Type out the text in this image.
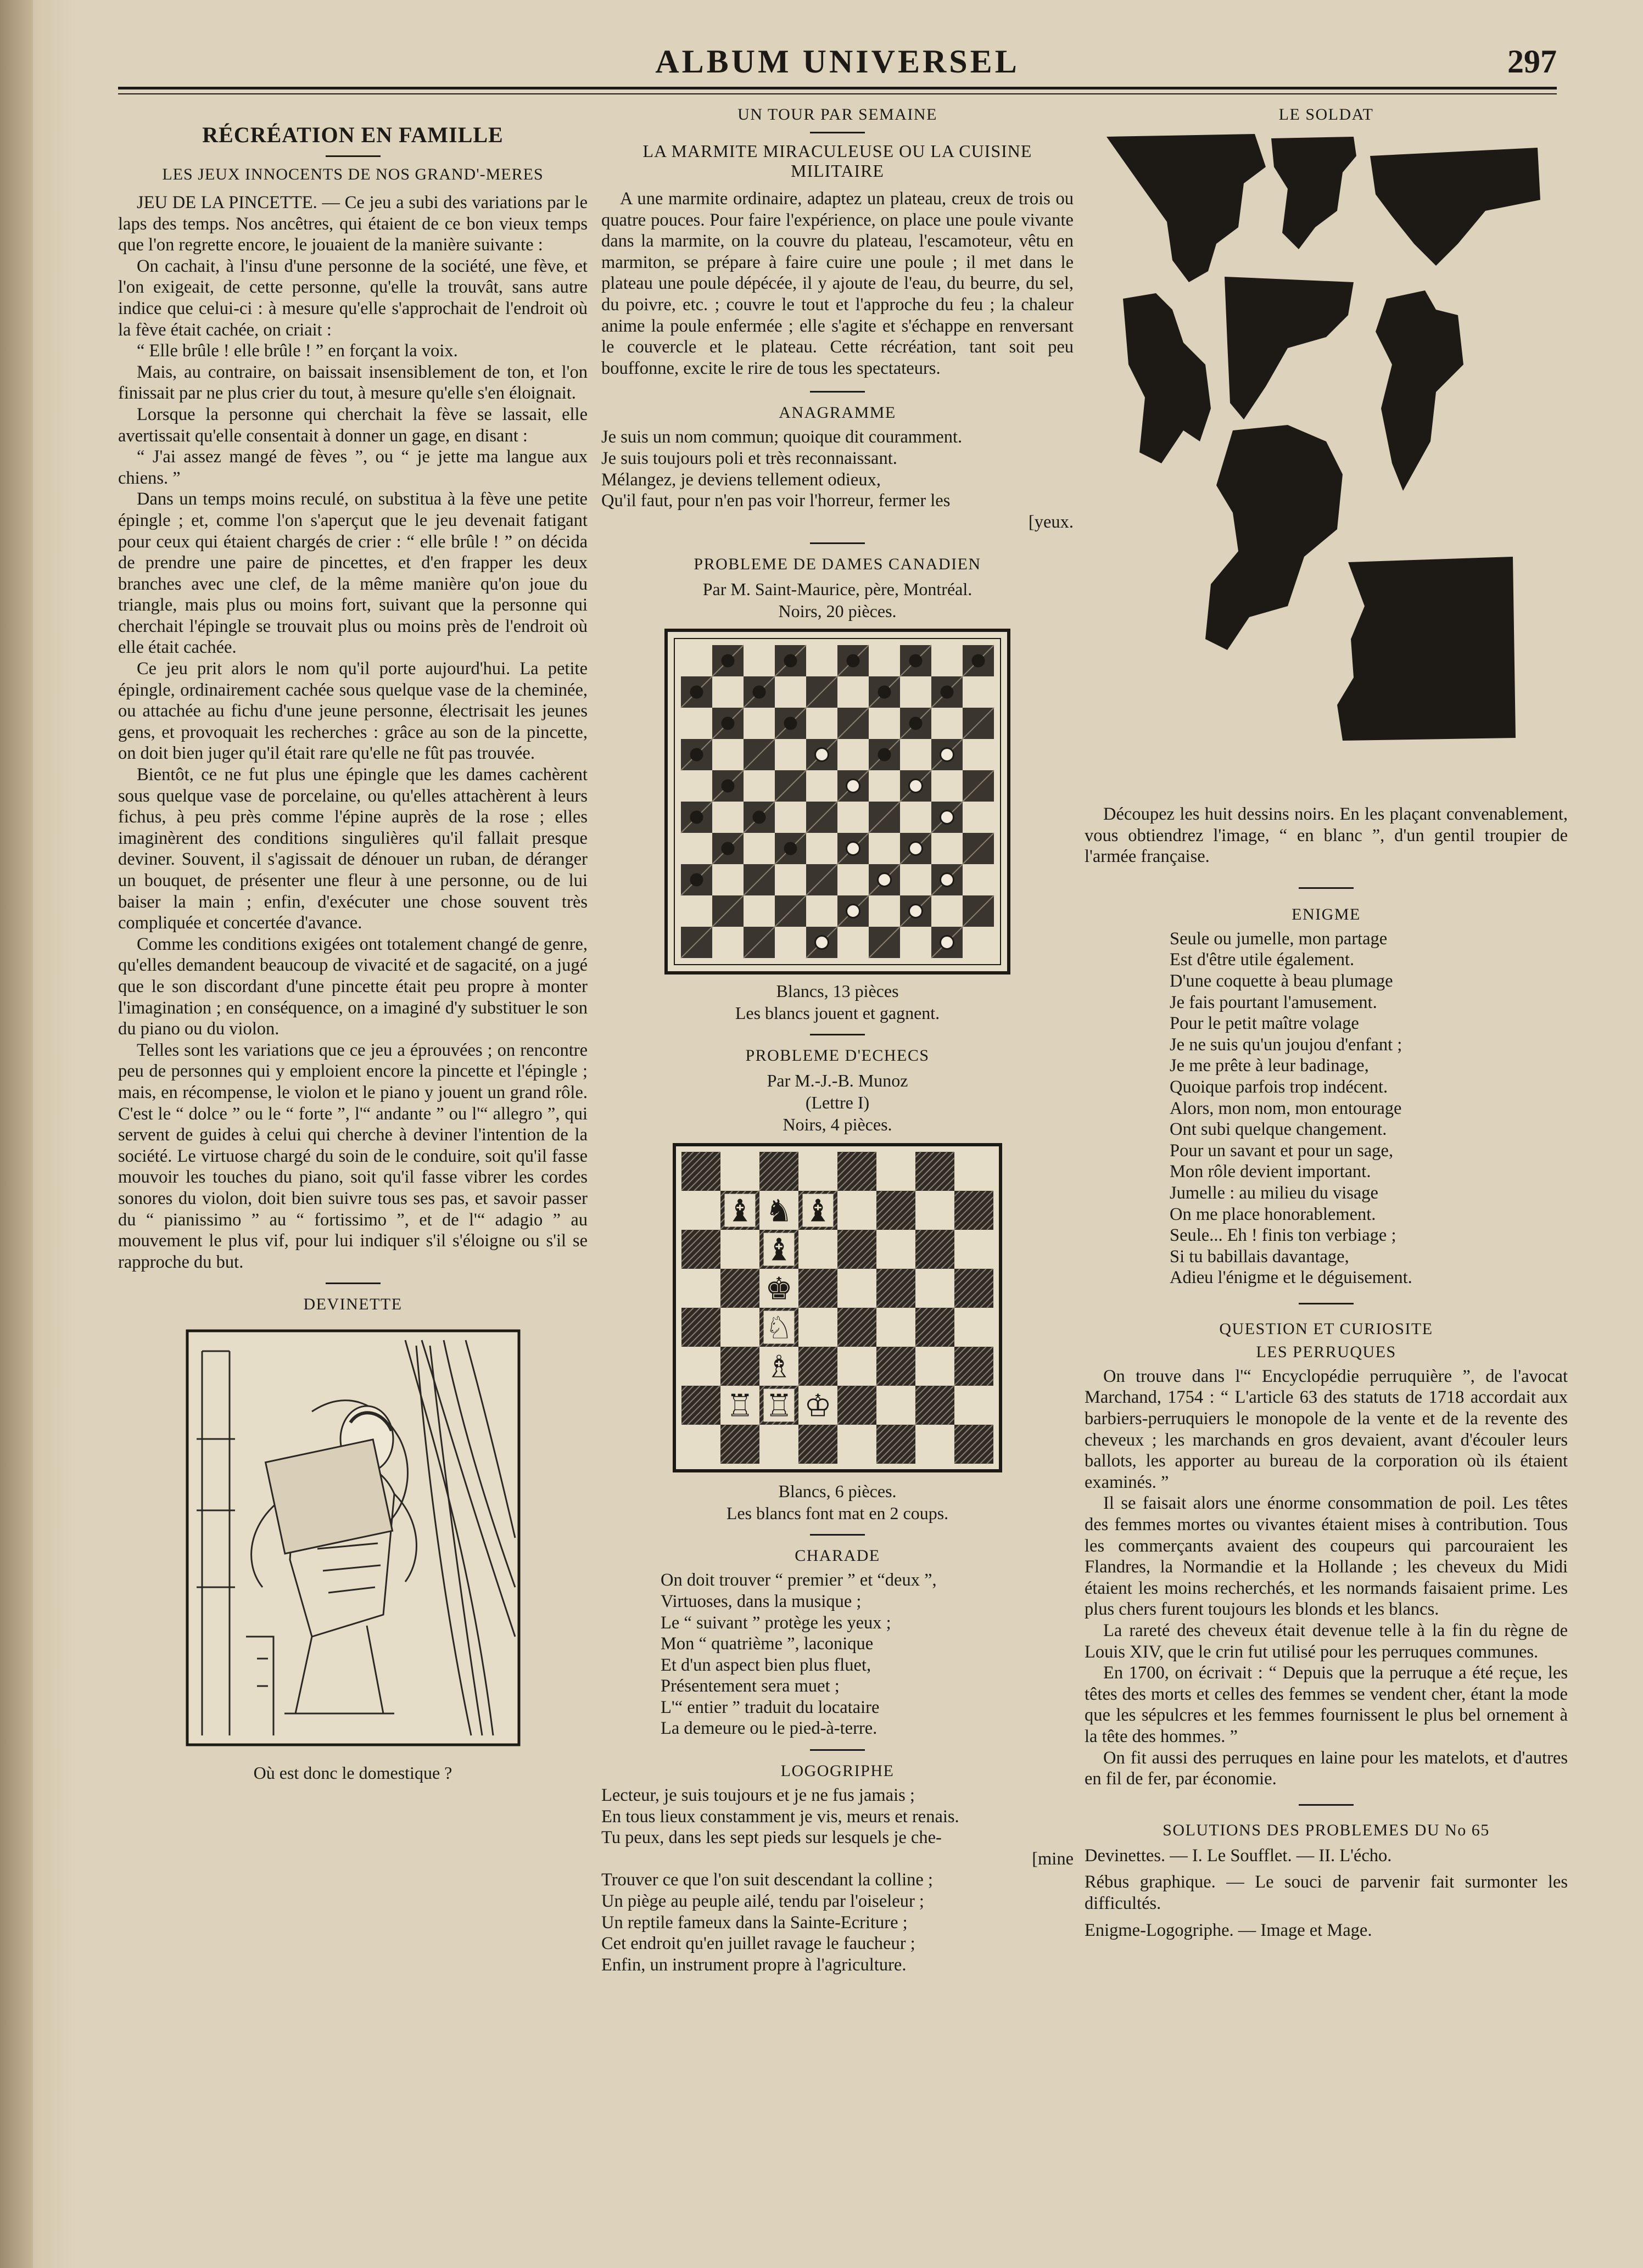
ALBUM UNIVERSEL	297
RÉCRÉATION EN FAMILLE
LES JEUX INNOCENTS DE NOS GRAND'-MERES

JEU DE LA PINCETTE. — Ce jeu a subi des variations par le laps des temps. Nos ancêtres, qui étaient de ce bon vieux temps que l'on regrette encore, le jouaient de la manière suivante :

On cachait, à l'insu d'une personne de la société, une fève, et l'on exigeait, de cette personne, qu'elle la trouvât, sans autre indice que celui-ci : à mesure qu'elle s'approchait de l'endroit où la fève était cachée, on criait :

“ Elle brûle ! elle brûle ! ” en forçant la voix.

Mais, au contraire, on baissait insensiblement de ton, et l'on finissait par ne plus crier du tout, à mesure qu'elle s'en éloignait.

Lorsque la personne qui cherchait la fève se lassait, elle avertissait qu'elle consentait à donner un gage, en disant :

“ J'ai assez mangé de fèves ”, ou “ je jette ma langue aux chiens. ”

Dans un temps moins reculé, on substitua à la fève une petite épingle ; et, comme l'on s'aperçut que le jeu devenait fatigant pour ceux qui étaient chargés de crier : “ elle brûle ! ” on décida de prendre une paire de pincettes, et d'en frapper les deux branches avec une clef, de la même manière qu'on joue du triangle, mais plus ou moins fort, suivant que la personne qui cherchait l'épingle se trouvait plus ou moins près de l'endroit où elle était cachée.

Ce jeu prit alors le nom qu'il porte aujourd'hui. La petite épingle, ordinairement cachée sous quelque vase de la cheminée, ou attachée au fichu d'une jeune personne, électrisait les jeunes gens, et provoquait les recherches : grâce au son de la pincette, on doit bien juger qu'il était rare qu'elle ne fût pas trouvée.

Bientôt, ce ne fut plus une épingle que les dames cachèrent sous quelque vase de porcelaine, ou qu'elles attachèrent à leurs fichus, à peu près comme l'épine auprès de la rose ; elles imaginèrent des conditions singulières qu'il fallait presque deviner. Souvent, il s'agissait de dénouer un ruban, de déranger un bouquet, de présenter une fleur à une personne, ou de lui baiser la main ; enfin, d'exécuter une chose souvent très compliquée et concertée d'avance.

Comme les conditions exigées ont totalement changé de genre, qu'elles demandent beaucoup de vivacité et de sagacité, on a jugé que le son discordant d'une pincette était peu propre à monter l'imagination ; en conséquence, on a imaginé d'y substituer le son du piano ou du violon.

Telles sont les variations que ce jeu a éprouvées ; on rencontre peu de personnes qui y emploient encore la pincette et l'épingle ; mais, en récompense, le violon et le piano y jouent un grand rôle. C'est le “ dolce ” ou le “ forte ”, l'“ andante ” ou l'“ allegro ”, qui servent de guides à celui qui cherche à deviner l'intention de la société. Le virtuose chargé du soin de le conduire, soit qu'il fasse mouvoir les touches du piano, soit qu'il fasse vibrer les cordes sonores du violon, doit bien suivre tous ses pas, et savoir passer du “ pianissimo ” au “ fortissimo ”, et de l'“ adagio ” au mouvement le plus vif, pour lui indiquer s'il s'éloigne ou s'il se rapproche du but.

DEVINETTE
Où est donc le domestique ?
UN TOUR PAR SEMAINE
LA MARMITE MIRACULEUSE OU LA CUISINE MILITAIRE

A une marmite ordinaire, adaptez un plateau, creux de trois ou quatre pouces. Pour faire l'expérience, on place une poule vivante dans la marmite, on la couvre du plateau, l'escamoteur, vêtu en marmiton, se prépare à faire cuire une poule ; il met dans le plateau une poule dépécée, il y ajoute de l'eau, du beurre, du sel, du poivre, etc. ; couvre le tout et l'approche du feu ; la chaleur anime la poule enfermée ; elle s'agite et s'échappe en renversant le couvercle et le plateau. Cette récréation, tant soit peu bouffonne, excite le rire de tous les spectateurs.

ANAGRAMME
Je suis un nom commun; quoique dit couramment.
Je suis toujours poli et très reconnaissant.
Mélangez, je deviens tellement odieux,
Qu'il faut, pour n'en pas voir l'horreur, fermer les
[yeux.
PROBLEME DE DAMES CANADIEN
Par M. Saint-Maurice, père, Montréal.
Noirs, 20 pièces.
Blancs, 13 pièces
Les blancs jouent et gagnent.
PROBLEME D'ECHECS
Par M.-J.-B. Munoz
(Lettre I)
Noirs, 4 pièces.
♝ ♞ ♝
♝
♚
♘
♗
♖ ♖ ♔
Blancs, 6 pièces.
Les blancs font mat en 2 coups.
CHARADE
On doit trouver “ premier ” et “deux ”,
Virtuoses, dans la musique ;
Le “ suivant ” protège les yeux ;
Mon “ quatrième ”, laconique
Et d'un aspect bien plus fluet,
Présentement sera muet ;
L'“ entier ” traduit du locataire
La demeure ou le pied-à-terre.
LOGOGRIPHE
Lecteur, je suis toujours et je ne fus jamais ;
En tous lieux constamment je vis, meurs et renais.
Tu peux, dans les sept pieds sur lesquels je che-
[mine
Trouver ce que l'on suit descendant la colline ;
Un piège au peuple ailé, tendu par l'oiseleur ;
Un reptile fameux dans la Sainte-Ecriture ;
Cet endroit qu'en juillet ravage le faucheur ;
Enfin, un instrument propre à l'agriculture.
LE SOLDAT

Découpez les huit dessins noirs. En les plaçant convenablement, vous obtiendrez l'image, “ en blanc ”, d'un gentil troupier de l'armée française.

ENIGME
Seule ou jumelle, mon partage
Est d'être utile également.
D'une coquette à beau plumage
Je fais pourtant l'amusement.
Pour le petit maître volage
Je ne suis qu'un joujou d'enfant ;
Je me prête à leur badinage,
Quoique parfois trop indécent.
Alors, mon nom, mon entourage
Ont subi quelque changement.
Pour un savant et pour un sage,
Mon rôle devient important.
Jumelle : au milieu du visage
On me place honorablement.
Seule... Eh ! finis ton verbiage ;
Si tu babillais davantage,
Adieu l'énigme et le déguisement.
QUESTION ET CURIOSITE
LES PERRUQUES

On trouve dans l'“ Encyclopédie perruquière ”, de l'avocat Marchand, 1754 : “ L'article 63 des statuts de 1718 accordait aux barbiers-perruquiers le monopole de la vente et de la revente des cheveux ; les marchands en gros devaient, avant d'écouler leurs ballots, les apporter au bureau de la corporation où ils étaient examinés. ”

Il se faisait alors une énorme consommation de poil. Les têtes des femmes mortes ou vivantes étaient mises à contribution. Tous les commerçants avaient des coupeurs qui parcouraient les Flandres, la Normandie et la Hollande ; les cheveux du Midi étaient les moins recherchés, et les normands faisaient prime. Les plus chers furent toujours les blonds et les blancs.

La rareté des cheveux était devenue telle à la fin du règne de Louis XIV, que le crin fut utilisé pour les perruques communes.

En 1700, on écrivait : “ Depuis que la perruque a été reçue, les têtes des morts et celles des femmes se vendent cher, étant la mode que les sépulcres et les femmes fournissent le plus bel ornement à la tête des hommes. ”

On fit aussi des perruques en laine pour les matelots, et d'autres en fil de fer, par économie.

SOLUTIONS DES PROBLEMES DU No 65

Devinettes. — I. Le Soufflet. — II. L'écho.

Rébus graphique. — Le souci de parvenir fait surmonter les difficultés.

Enigme-Logogriphe. — Image et Mage.
